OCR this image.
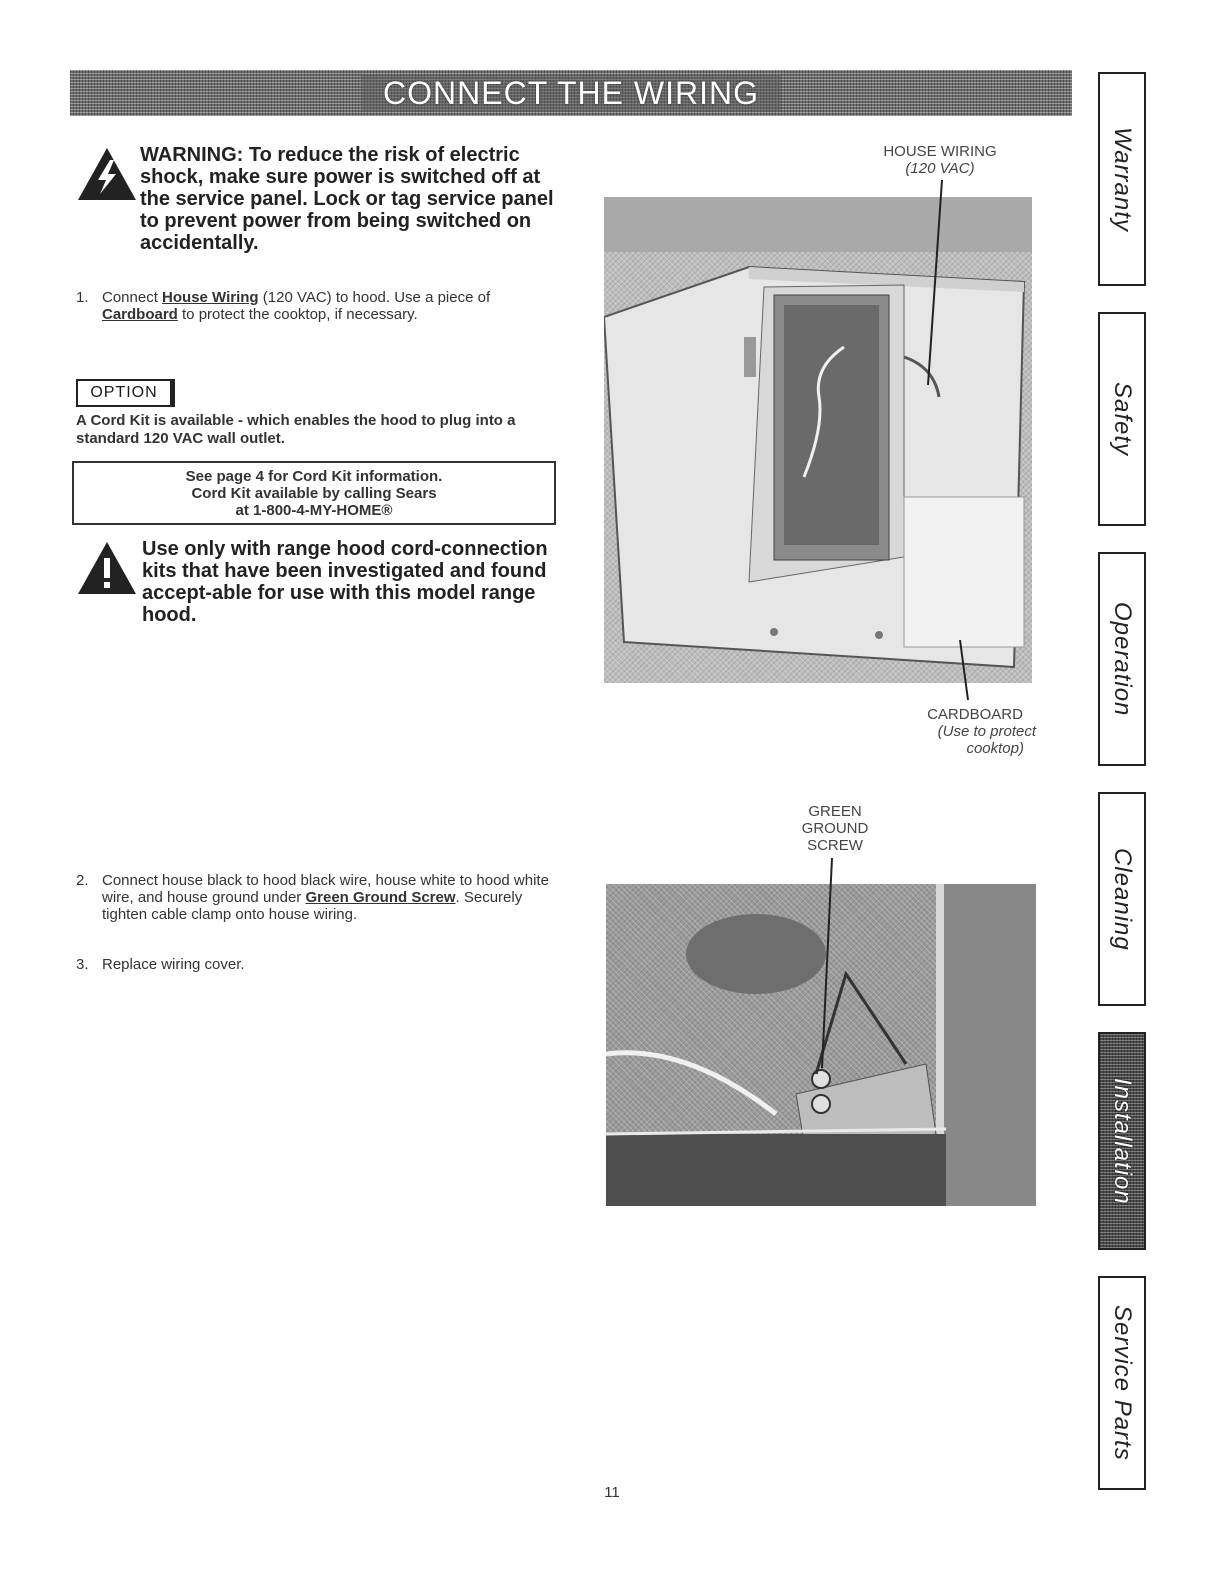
CONNECT THE WIRING
WARNING: To reduce the risk of electric shock, make sure power is switched off at the service panel. Lock or tag service panel to prevent power from being switched on accidentally.
1. Connect House Wiring (120 VAC) to hood. Use a piece of Cardboard to protect the cooktop, if necessary.
OPTION
A Cord Kit is available - which enables the hood to plug into a standard 120 VAC wall outlet.
See page 4 for Cord Kit information.
Cord Kit available by calling Sears
at 1-800-4-MY-HOME®
Use only with range hood cord-connection kits that have been investigated and found accept-able for use with this model range hood.
2. Connect house black to hood black wire, house white to hood white wire, and house ground under Green Ground Screw. Securely tighten cable clamp onto house wiring.
3. Replace wiring cover.
HOUSE WIRING
(120 VAC)
CARDBOARD
(Use to protect
cooktop)
GREEN
GROUND
SCREW
Warranty
Safety
Operation
Cleaning
Installation
Service Parts
11
